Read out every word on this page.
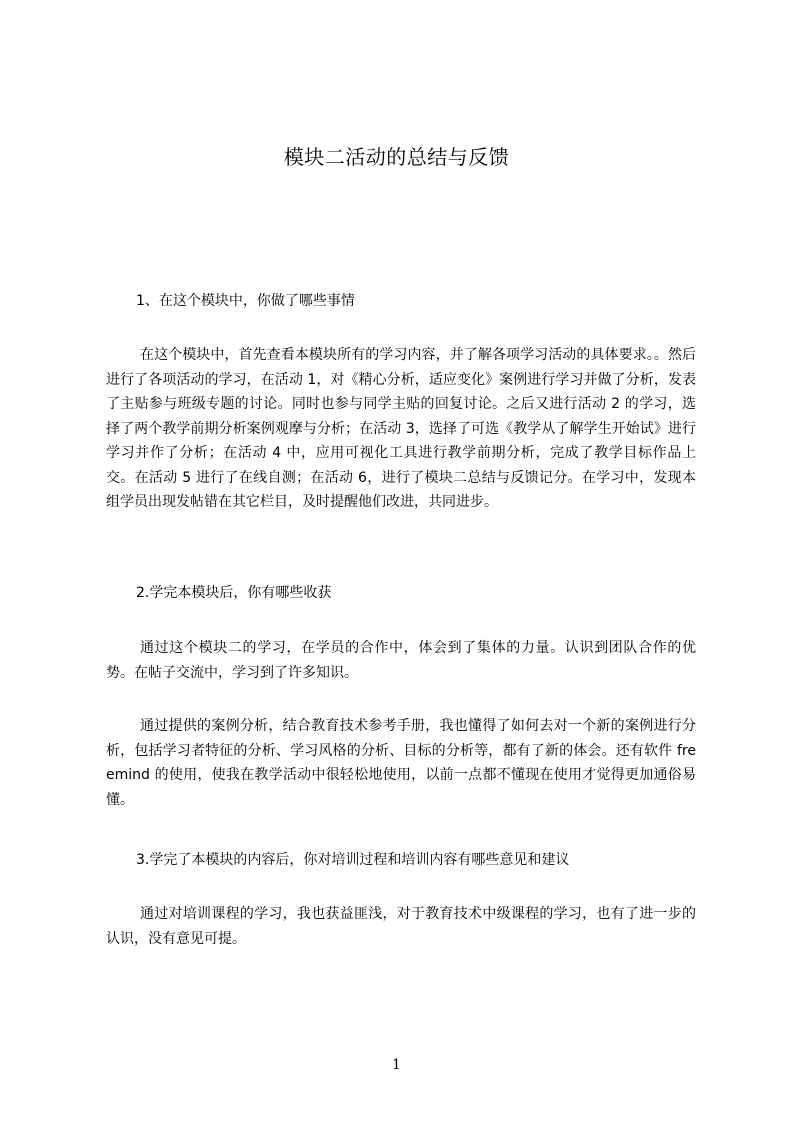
模块二活动的总结与反馈
1、在这个模块中，你做了哪些事情
在这个模块中，首先查看本模块所有的学习内容，并了解各项学习活动的具体要求。。然后进行了各项活动的学习，在活动 1，对《精心分析，适应变化》案例进行学习并做了分析，发表了主贴参与班级专题的讨论。同时也参与同学主贴的回复讨论。之后又进行活动 2 的学习，选择了两个教学前期分析案例观摩与分析；在活动 3，选择了可选《教学从了解学生开始试》进行学习并作了分析；在活动 4 中，应用可视化工具进行教学前期分析，完成了教学目标作品上交。在活动 5 进行了在线自测；在活动 6，进行了模块二总结与反馈记分。在学习中，发现本组学员出现发帖错在其它栏目，及时提醒他们改进，共同进步。
2.学完本模块后，你有哪些收获
通过这个模块二的学习，在学员的合作中，体会到了集体的力量。认识到团队合作的优势。在帖子交流中，学习到了许多知识。
通过提供的案例分析，结合教育技术参考手册，我也懂得了如何去对一个新的案例进行分析，包括学习者特征的分析、学习风格的分析、目标的分析等，都有了新的体会。还有软件 freemind 的使用，使我在教学活动中很轻松地使用，以前一点都不懂现在使用才觉得更加通俗易懂。
3.学完了本模块的内容后，你对培训过程和培训内容有哪些意见和建议
通过对培训课程的学习，我也获益匪浅，对于教育技术中级课程的学习，也有了进一步的认识，没有意见可提。
1
